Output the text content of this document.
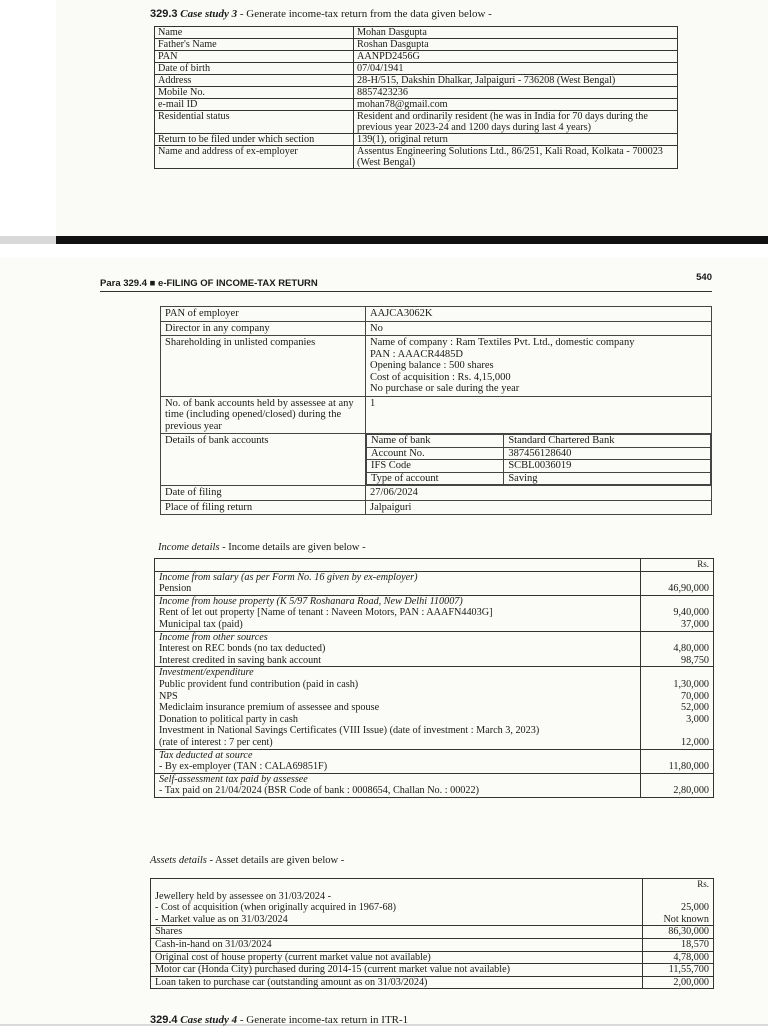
329.3 Case study 3 - Generate income-tax return from the data given below -
Name	Mohan Dasgupta
Father's Name	Roshan Dasgupta
PAN	AANPD2456G
Date of birth	07/04/1941
Address	28-H/515, Dakshin Dhalkar, Jalpaiguri - 736208 (West Bengal)
Mobile No.	8857423236
e-mail ID	mohan78@gmail.com
Residential status	Resident and ordinarily resident (he was in India for 70 days during the previous year 2023-24 and 1200 days during last 4 years)
Return to be filed under which section	139(1), original return
Name and address of ex-employer	Assentus Engineering Solutions Ltd., 86/251, Kali Road, Kolkata - 700023 (West Bengal)
Para 329.4 ■ e-FILING OF INCOME-TAX RETURN
540
PAN of employer	AAJCA3062K
Director in any company	No
Shareholding in unlisted companies	Name of company : Ram Textiles Pvt. Ltd., domestic company
PAN : AAACR4485D
Opening balance : 500 shares
Cost of acquisition : Rs. 4,15,000
No purchase or sale during the year

No. of bank accounts held by assessee at any time (including opened/closed) during the previous year	1
Details of bank accounts		Name of bank	Standard Chartered Bank
Account No.	387456128640
IFS Code	SCBL0036019
Type of account	Saving

Date of filing	27/06/2024
Place of filing return	Jalpaiguri
Income details - Income details are given below -
	Rs.
Income from salary (as per Form No. 16 given by ex-employer)	
Pension	46,90,000
Income from house property (K 5/97 Roshanara Road, New Delhi 110007)	
Rent of let out property [Name of tenant : Naveen Motors, PAN : AAAFN4403G]	9,40,000
Municipal tax (paid)	37,000
Income from other sources	
Interest on REC bonds (no tax deducted)	4,80,000
Interest credited in saving bank account	98,750
Investment/expenditure	
Public provident fund contribution (paid in cash)	1,30,000
NPS	70,000
Mediclaim insurance premium of assessee and spouse	52,000
Donation to political party in cash	3,000
Investment in National Savings Certificates (VIII Issue) (date of investment : March 3, 2023)	
(rate of interest : 7 per cent)	12,000
Tax deducted at source	
- By ex-employer (TAN : CALA69851F)	11,80,000
Self-assessment tax paid by assessee	
- Tax paid on 21/04/2024 (BSR Code of bank : 0008654, Challan No. : 00022)	2,80,000
Assets details - Asset details are given below -
	Rs.
Jewellery held by assessee on 31/03/2024 -	
- Cost of acquisition (when originally acquired in 1967-68)	25,000
- Market value as on 31/03/2024	Not known
Shares	86,30,000
Cash-in-hand on 31/03/2024	18,570
Original cost of house property (current market value not available)	4,78,000
Motor car (Honda City) purchased during 2014-15 (current market value not available)	11,55,700
Loan taken to purchase car (outstanding amount as on 31/03/2024)	2,00,000
329.4 Case study 4 - Generate income-tax return in ITR-1
